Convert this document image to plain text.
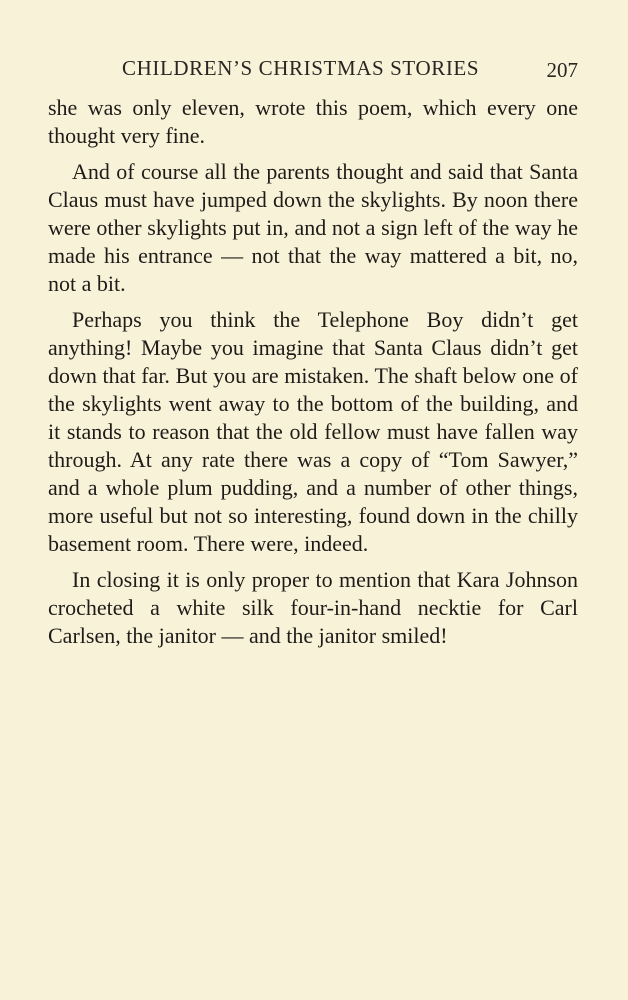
CHILDREN’S CHRISTMAS STORIES	207

she was only eleven, wrote this poem, which every one thought very fine.

And of course all the parents thought and said that Santa Claus must have jumped down the skylights. By noon there were other skylights put in, and not a sign left of the way he made his entrance — not that the way mattered a bit, no, not a bit.

Perhaps you think the Telephone Boy didn’t get anything! Maybe you imagine that Santa Claus didn’t get down that far. But you are mistaken. The shaft below one of the skylights went away to the bottom of the building, and it stands to reason that the old fellow must have fallen way through. At any rate there was a copy of “Tom Sawyer,” and a whole plum pudding, and a number of other things, more useful but not so interesting, found down in the chilly basement room. There were, indeed.

In closing it is only proper to mention that Kara Johnson crocheted a white silk four-in-hand necktie for Carl Carlsen, the janitor — and the janitor smiled!
